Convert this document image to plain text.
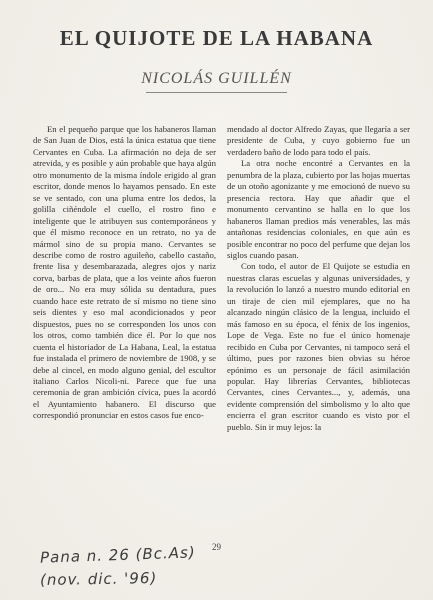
EL QUIJOTE DE LA HABANA
NICOLÁS GUILLÉN

En el pequeño parque que los habaneros llaman de San Juan de Dios, está la única estatua que tiene Cervantes en Cuba. La afirmación no deja de ser atrevida, y es posible y aún probable que haya algún otro monumento de la misma índole erigido al gran escritor, donde menos lo hayamos pensado. En este se ve sentado, con una pluma entre los dedos, la golilla ciñéndole el cuello, el rostro fino e inteligente que le atribuyen sus contemporáneos y que él mismo reconoce en un retrato, no ya de mármol sino de su propia mano. Cervantes se describe como de rostro aguileño, cabello castaño, frente lisa y desembarazada, alegres ojos y nariz corva, barbas de plata, que a los veinte años fueron de oro... No era muy sólida su dentadura, pues cuando hace este retrato de sí mismo no tiene sino seis dientes y eso mal acondicionados y peor dispuestos, pues no se corresponden los unos con los otros, como también dice él. Por lo que nos cuenta el historiador de La Habana, Leal, la estatua fue instalada el primero de noviembre de 1908, y se debe al cincel, en modo alguno genial, del escultor italiano Carlos Nicoli-ni. Parece que fue una ceremonia de gran ambición cívica, pues la acordó el Ayuntamiento habanero. El discurso que correspondió pronunciar en estos casos fue enco-

mendado al doctor Alfredo Zayas, que llegaría a ser presidente de Cuba, y cuyo gobierno fue un verdadero baño de lodo para todo el país.

La otra noche encontré a Cervantes en la penumbra de la plaza, cubierto por las hojas muertas de un otoño agonizante y me emocionó de nuevo su presencia rectora. Hay que añadir que el monumento cervantino se halla en lo que los habaneros llaman predios más venerables, las más antañonas residencias coloniales, en que aún es posible encontrar no poco del perfume que dejan los siglos cuando pasan.

Con todo, el autor de El Quijote se estudia en nuestras claras escuelas y algunas universidades, y la revolución lo lanzó a nuestro mundo editorial en un tiraje de cien mil ejemplares, que no ha alcanzado ningún clásico de la lengua, incluido el más famoso en su época, el fénix de los ingenios, Lope de Vega. Este no fue el único homenaje recibido en Cuba por Cervantes, ni tampoco será el último, pues por razones bien obvias su héroe epónimo es un personaje de fácil asimilación popular. Hay librerías Cervantes, bibliotecas Cervantes, cines Cervantes..., y, además, una evidente comprensión del simbolismo y lo alto que encierra el gran escritor cuando es visto por el pueblo. Sin ir muy lejos: la

29
Pana n. 26 (Bc.As)
(nov. dic. '96)
